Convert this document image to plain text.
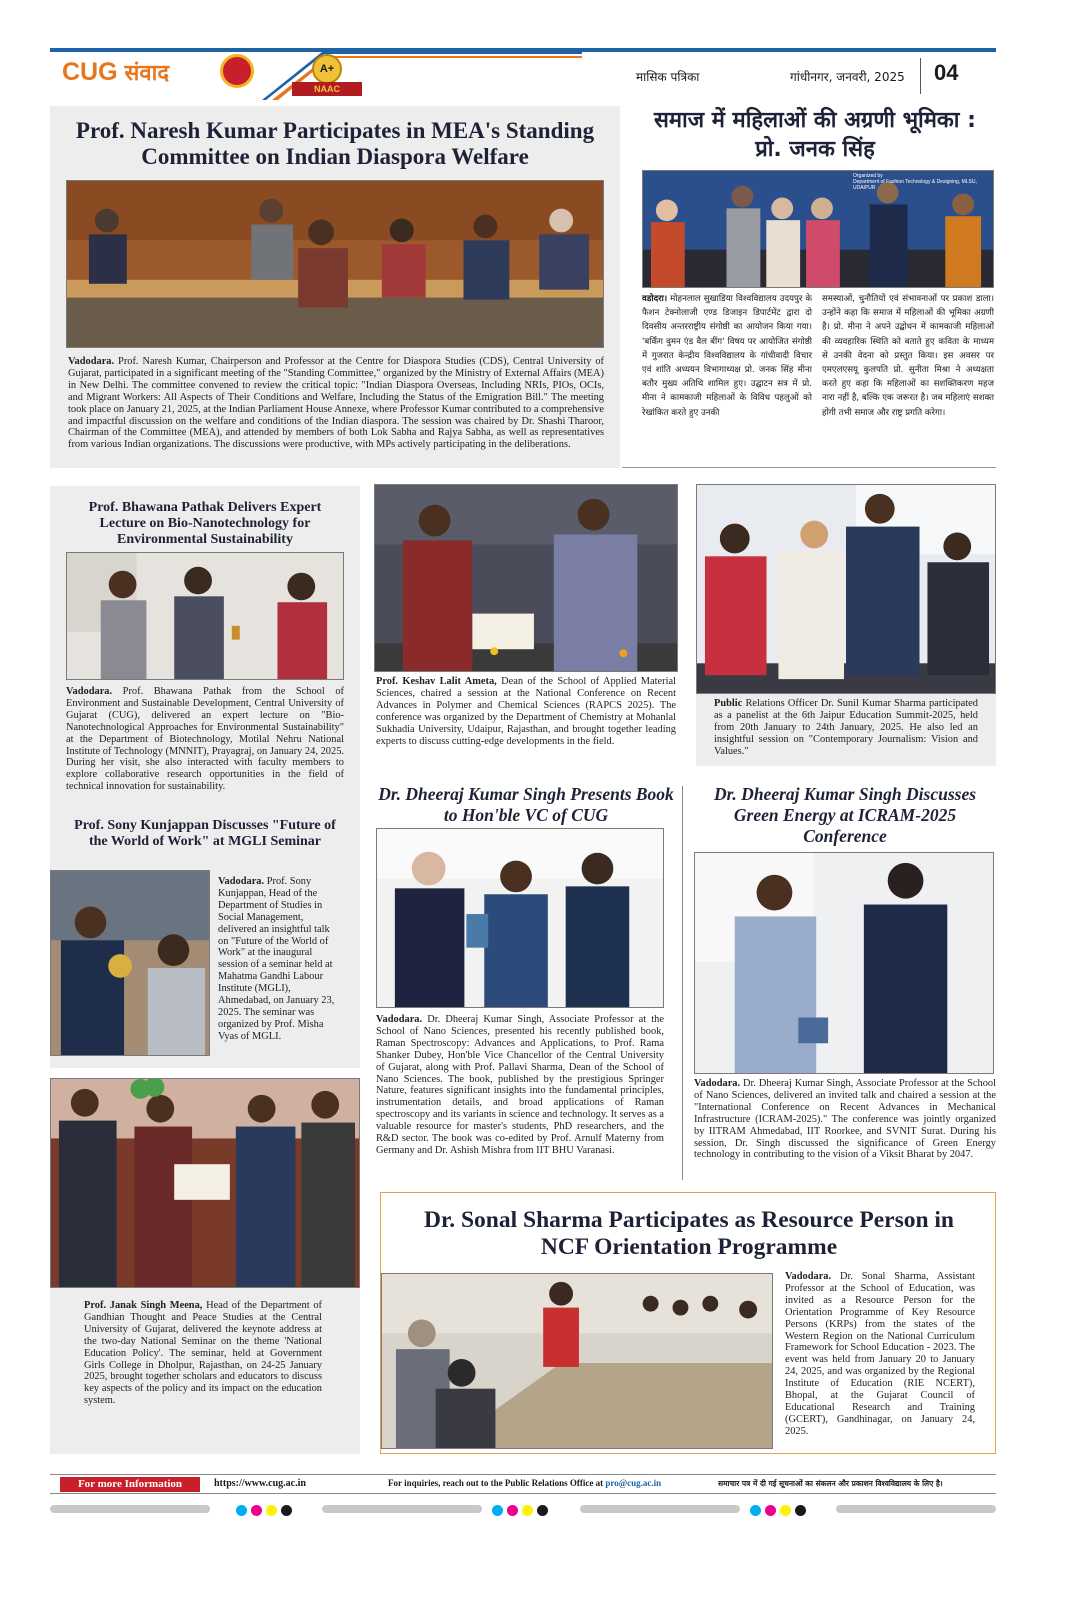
CUG संवाद	A+
NAAC
मासिक पत्रिका	गांधीनगर, जनवरी, 2025 04
Prof. Naresh Kumar Participates in MEA's Standing Committee on Indian Diaspora Welfare
Vadodara. Prof. Naresh Kumar, Chairperson and Professor at the Centre for Diaspora Studies (CDS), Central University of Gujarat, participated in a significant meeting of the "Standing Committee," organized by the Ministry of External Affairs (MEA) in New Delhi. The committee convened to review the critical topic: "Indian Diaspora Overseas, Including NRIs, PIOs, OCIs, and Migrant Workers: All Aspects of Their Conditions and Welfare, Including the Status of the Emigration Bill." The meeting took place on January 21, 2025, at the Indian Parliament House Annexe, where Professor Kumar contributed to a comprehensive and impactful discussion on the welfare and conditions of the Indian diaspora. The session was chaired by Dr. Shashi Tharoor, Chairman of the Committee (MEA), and attended by members of both Lok Sabha and Rajya Sabha, as well as representatives from various Indian organizations. The discussions were productive, with MPs actively participating in the deliberations.
समाज में महिलाओं की अग्रणी भूमिका : प्रो. जनक सिंह
Organized by
Department of Fashion Technology & Designing, MLSU, UDAIPUR
वडोदरा। मोहनलाल सुखाडिया विश्वविद्यालय उदयपुर के फैशन टेक्नोलाजी एण्ड डिजाइन डिपार्टमेंट द्वारा दो दिवसीय अन्तरराष्ट्रीय संगोष्ठी का आयोजन किया गया। 'बर्किंग वुमन एंड वैल बींग' विषय पर आयोजित संगोष्ठी में गुजरात केन्द्रीय विश्वविद्यालय के गांधीवादी विचार एवं शांति अध्ययन विभागाध्यक्ष प्रो. जनक सिंह मीना बतौर मुख्य अतिथि शामिल हुए। उद्घाटन सत्र में प्रो. मीना ने कामकाजी महिलाओं के विविध पहलुओं को रेखांकित करते हुए उनकी
समस्याओं, चुनौतियों एवं संभावनाओं पर प्रकाश डाला। उन्होंने कहा कि समाज में महिलाओं की भूमिका अग्रणी है। प्रो. मीना ने अपने उद्बोधन में कामकाजी महिलाओं की व्यवहारिक स्थिति को बताते हुए कविता के माध्यम से उनकी वेदना को प्रस्तुत किया। इस अवसर पर एमएलएसयू कुलपति प्रो. सुनीता मिश्रा ने अध्यक्षता करते हुए कहा कि महिलाओं का सशक्तिकरण महज नारा नहीं है, बल्कि एक जरूरत है। जब महिलाएं सशक्त होंगी तभी समाज और राष्ट्र प्रगति करेगा।
Prof. Bhawana Pathak Delivers Expert Lecture on Bio-Nanotechnology for Environmental Sustainability
Vadodara. Prof. Bhawana Pathak from the School of Environment and Sustainable Development, Central University of Gujarat (CUG), delivered an expert lecture on "Bio-Nanotechnological Approaches for Environmental Sustainability" at the Department of Biotechnology, Motilal Nehru National Institute of Technology (MNNIT), Prayagraj, on January 24, 2025. During her visit, she also interacted with faculty members to explore collaborative research opportunities in the field of technical innovation for sustainability.
Prof. Sony Kunjappan Discusses "Future of the World of Work" at MGLI Seminar
Vadodara. Prof. Sony Kunjappan, Head of the Department of Studies in Social Management, delivered an insightful talk on "Future of the World of Work" at the inaugural session of a seminar held at Mahatma Gandhi Labour Institute (MGLI), Ahmedabad, on January 23, 2025. The seminar was organized by Prof. Misha Vyas of MGLI.
Prof. Keshav Lalit Ameta, Dean of the School of Applied Material Sciences, chaired a session at the National Conference on Recent Advances in Polymer and Chemical Sciences (RAPCS 2025). The conference was organized by the Department of Chemistry at Mohanlal Sukhadia University, Udaipur, Rajasthan, and brought together leading experts to discuss cutting-edge developments in the field.
Public Relations Officer Dr. Sunil Kumar Sharma participated as a panelist at the 6th Jaipur Education Summit-2025, held from 20th January to 24th January, 2025. He also led an insightful session on "Contemporary Journalism: Vision and Values."
Dr. Dheeraj Kumar Singh Presents Book to Hon'ble VC of CUG
Vadodara. Dr. Dheeraj Kumar Singh, Associate Professor at the School of Nano Sciences, presented his recently published book, Raman Spectroscopy: Advances and Applications, to Prof. Rama Shanker Dubey, Hon'ble Vice Chancellor of the Central University of Gujarat, along with Prof. Pallavi Sharma, Dean of the School of Nano Sciences. The book, published by the prestigious Springer Nature, features significant insights into the fundamental principles, instrumentation details, and broad applications of Raman spectroscopy and its variants in science and technology. It serves as a valuable resource for master's students, PhD researchers, and the R&D sector. The book was co-edited by Prof. Arnulf Materny from Germany and Dr. Ashish Mishra from IIT BHU Varanasi.
Dr. Dheeraj Kumar Singh Discusses Green Energy at ICRAM-2025 Conference
Vadodara. Dr. Dheeraj Kumar Singh, Associate Professor at the School of Nano Sciences, delivered an invited talk and chaired a session at the "International Conference on Recent Advances in Mechanical Infrastructure (ICRAM-2025)." The conference was jointly organized by IITRAM Ahmedabad, IIT Roorkee, and SVNIT Surat. During his session, Dr. Singh discussed the significance of Green Energy technology in contributing to the vision of a Viksit Bharat by 2047.
Prof. Janak Singh Meena, Head of the Department of Gandhian Thought and Peace Studies at the Central University of Gujarat, delivered the keynote address at the two-day National Seminar on the theme 'National Education Policy'. The seminar, held at Government Girls College in Dholpur, Rajasthan, on 24-25 January 2025, brought together scholars and educators to discuss key aspects of the policy and its impact on the education system.
Dr. Sonal Sharma Participates as Resource Person in NCF Orientation Programme
Vadodara. Dr. Sonal Sharma, Assistant Professor at the School of Education, was invited as a Resource Person for the Orientation Programme of Key Resource Persons (KRPs) from the states of the Western Region on the National Curriculum Framework for School Education - 2023. The event was held from January 20 to January 24, 2025, and was organized by the Regional Institute of Education (RIE NCERT), Bhopal, at the Gujarat Council of Educational Research and Training (GCERT), Gandhinagar, on January 24, 2025.
For more Information	https://www.cug.ac.in	For inquiries, reach out to the Public Relations Office at pro@cug.ac.in	समाचार पत्र में दी गई सूचनाओं का संकलन और प्रकाशन विश्वविद्यालय के लिए है।
